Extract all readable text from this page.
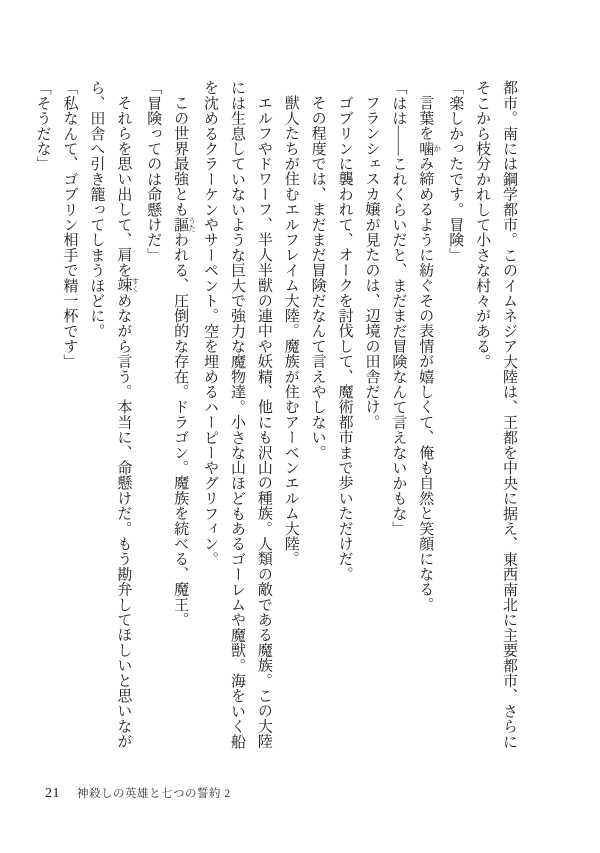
都市。南には鋼学都市。このイムネジア大陸は、王都を中央に据え、東西南北に主要都市、さらに
そこから枝分かれして小さな村々がある。
「楽しかったです。冒険」
言葉を噛 かみ締めるように紡ぐその表情が嬉しくて、俺も自然と笑顔になる。
「はは――これくらいだと、まだまだ冒険なんて言えないかもな」
フランシェスカ嬢が見たのは、辺境の田舎だけ。
ゴブリンに襲われて、オークを討伐して、魔術都市まで歩いただけだ。
その程度では、まだまだ冒険だなんて言えやしない。
獣人たちが住むエルフレイム大陸。魔族が住むアーベンエルム大陸。
エルフやドワーフ、半人半獣の連中や妖精、他にも沢山の種族。人類の敵である魔族。この大陸
には生息していないような巨大で強力な魔物達。小さな山ほどもあるゴーレムや魔獣。海をいく船
を沈めるクラーケンやサーペント。空を埋めるハーピーやグリフィン。
この世界最強とも謳 うたわれる、圧倒的な存在。ドラゴン。魔族を統べる、魔王。
「冒険ってのは命懸けだ」
それらを思い出して、肩を竦 すくめながら言う。本当に、命懸けだ。もう勘弁してほしいと思いなが
ら、田舎へ引き籠ってしまうほどに。
「私なんて、ゴブリン相手で精一杯です」
「そうだな」
21 神殺しの英雄と七つの誓約 2
